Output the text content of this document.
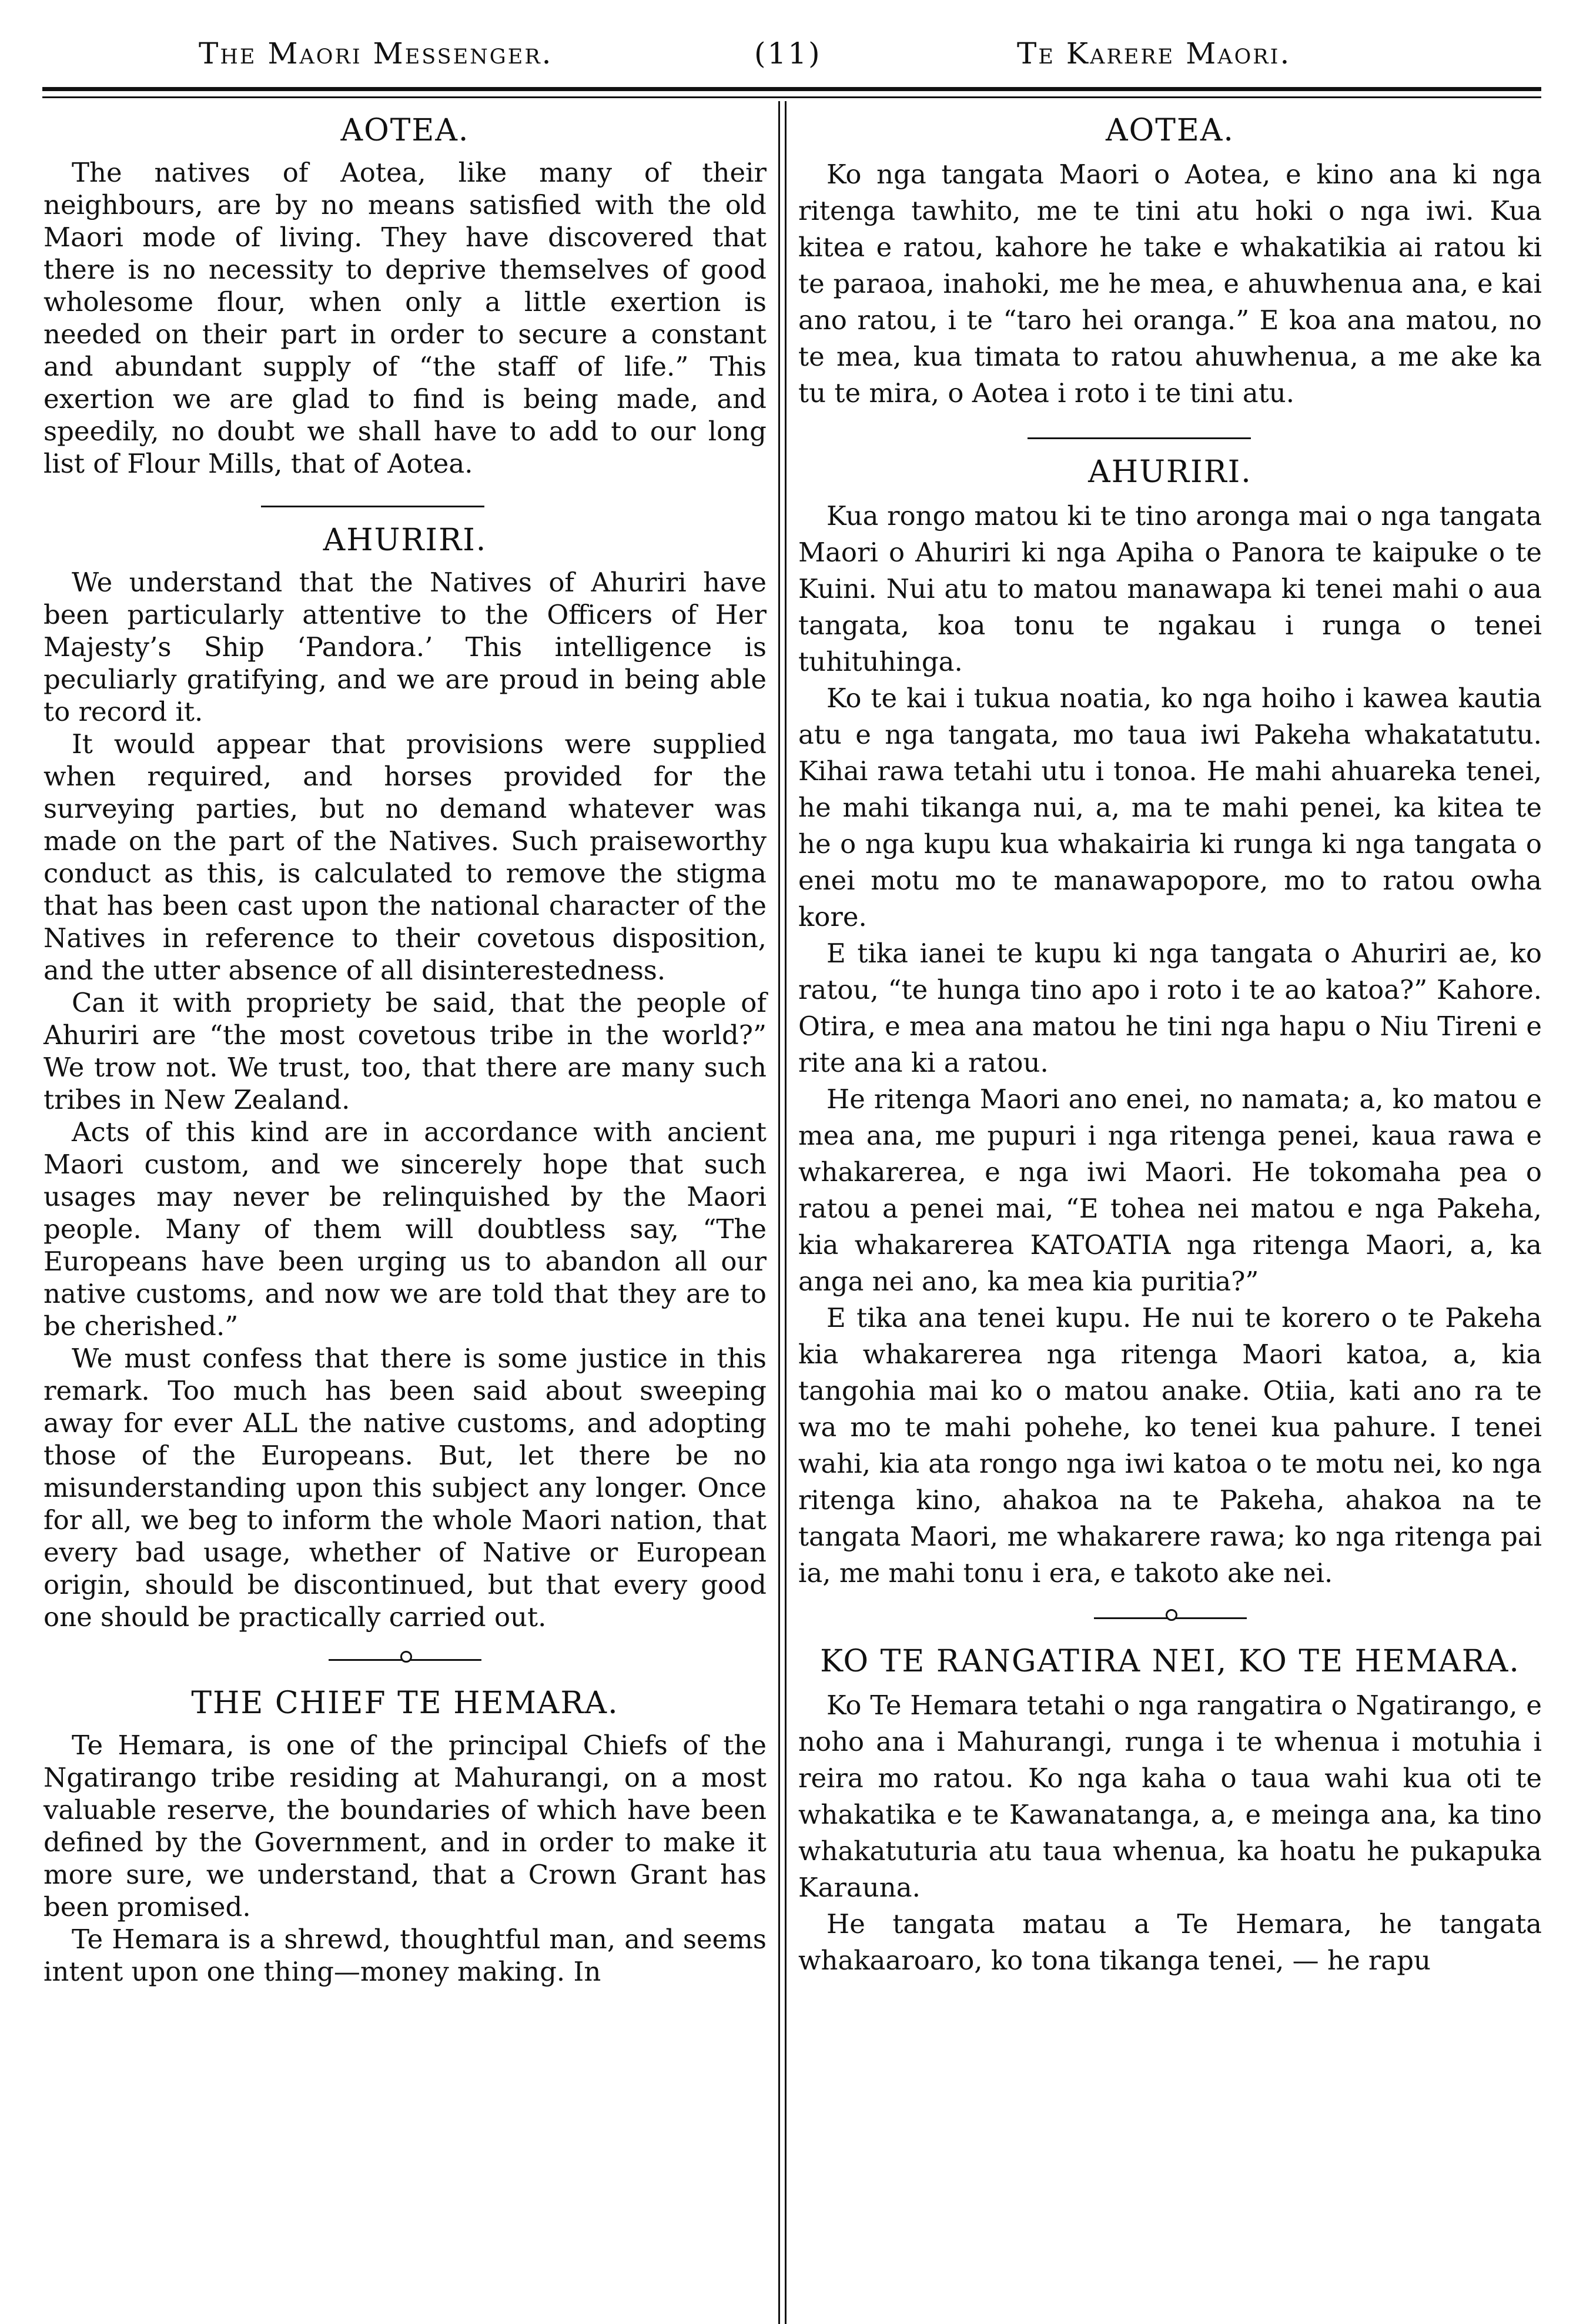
The Maori Messenger.	(11)	Te Karere Maori.
AOTEA.

The natives of Aotea, like many of their neighbours, are by no means satisfied with the old Maori mode of living. They have discovered that there is no necessity to deprive themselves of good wholesome flour, when only a little exertion is needed on their part in order to secure a constant and abundant supply of “the staff of life.” This exertion we are glad to find is being made, and speedily, no doubt we shall have to add to our long list of Flour Mills, that of Aotea.

AHURIRI.

We understand that the Natives of Ahuriri have been particularly attentive to the Officers of Her Majesty’s Ship ‘Pandora.’ This intelligence is peculiarly gratifying, and we are proud in being able to record it.

It would appear that provisions were supplied when required, and horses provided for the surveying parties, but no demand whatever was made on the part of the Natives. Such praiseworthy conduct as this, is calculated to remove the stigma that has been cast upon the national character of the Natives in reference to their covetous disposition, and the utter absence of all disinterestedness.

Can it with propriety be said, that the people of Ahuriri are “the most covetous tribe in the world?” We trow not. We trust, too, that there are many such tribes in New Zealand.

Acts of this kind are in accordance with ancient Maori custom, and we sincerely hope that such usages may never be relinquished by the Maori people. Many of them will doubtless say, “The Europeans have been urging us to abandon all our native customs, and now we are told that they are to be cherished.”

We must confess that there is some justice in this remark. Too much has been said about sweeping away for ever ALL the native customs, and adopting those of the Europeans. But, let there be no misunderstanding upon this subject any longer. Once for all, we beg to inform the whole Maori nation, that every bad usage, whether of Native or European origin, should be discontinued, but that every good one should be practically carried out.

THE CHIEF TE HEMARA.

Te Hemara, is one of the principal Chiefs of the Ngatirango tribe residing at Mahurangi, on a most valuable reserve, the boundaries of which have been defined by the Government, and in order to make it more sure, we understand, that a Crown Grant has been promised.

Te Hemara is a shrewd, thoughtful man, and seems intent upon one thing—money making. In

AOTEA.

Ko nga tangata Maori o Aotea, e kino ana ki nga ritenga tawhito, me te tini atu hoki o nga iwi. Kua kitea e ratou, kahore he take e whakatikia ai ratou ki te paraoa, inahoki, me he mea, e ahuwhenua ana, e kai ano ratou, i te “taro hei oranga.” E koa ana matou, no te mea, kua timata to ratou ahuwhenua, a me ake ka tu te mira, o Aotea i roto i te tini atu.

AHURIRI.

Kua rongo matou ki te tino aronga mai o nga tangata Maori o Ahuriri ki nga Apiha o Panora te kaipuke o te Kuini. Nui atu to matou manawapa ki tenei mahi o aua tangata, koa tonu te ngakau i runga o tenei tuhituhinga.

Ko te kai i tukua noatia, ko nga hoiho i kawea kautia atu e nga tangata, mo taua iwi Pakeha whakatatutu. Kihai rawa tetahi utu i tonoa. He mahi ahuareka tenei, he mahi tikanga nui, a, ma te mahi penei, ka kitea te he o nga kupu kua whakairia ki runga ki nga tangata o enei motu mo te manawapopore, mo to ratou owha kore.

E tika ianei te kupu ki nga tangata o Ahuriri ae, ko ratou, “te hunga tino apo i roto i te ao katoa?” Kahore. Otira, e mea ana matou he tini nga hapu o Niu Tireni e rite ana ki a ratou.

He ritenga Maori ano enei, no namata; a, ko matou e mea ana, me pupuri i nga ritenga penei, kaua rawa e whakarerea, e nga iwi Maori. He tokomaha pea o ratou a penei mai, “E tohea nei matou e nga Pakeha, kia whakarerea KATOATIA nga ritenga Maori, a, ka anga nei ano, ka mea kia puritia?”

E tika ana tenei kupu. He nui te korero o te Pakeha kia whakarerea nga ritenga Maori katoa, a, kia tangohia mai ko o matou anake. Otiia, kati ano ra te wa mo te mahi pohehe, ko tenei kua pahure. I tenei wahi, kia ata rongo nga iwi katoa o te motu nei, ko nga ritenga kino, ahakoa na te Pakeha, ahakoa na te tangata Maori, me whakarere rawa; ko nga ritenga pai ia, me mahi tonu i era, e takoto ake nei.

KO TE RANGATIRA NEI, KO TE HEMARA.

Ko Te Hemara tetahi o nga rangatira o Ngatirango, e noho ana i Mahurangi, runga i te whenua i motuhia i reira mo ratou. Ko nga kaha o taua wahi kua oti te whakatika e te Kawanatanga, a, e meinga ana, ka tino whakatuturia atu taua whenua, ka hoatu he pukapuka Karauna.

He tangata matau a Te Hemara, he tangata whakaaroaro, ko tona tikanga tenei, — he rapu
